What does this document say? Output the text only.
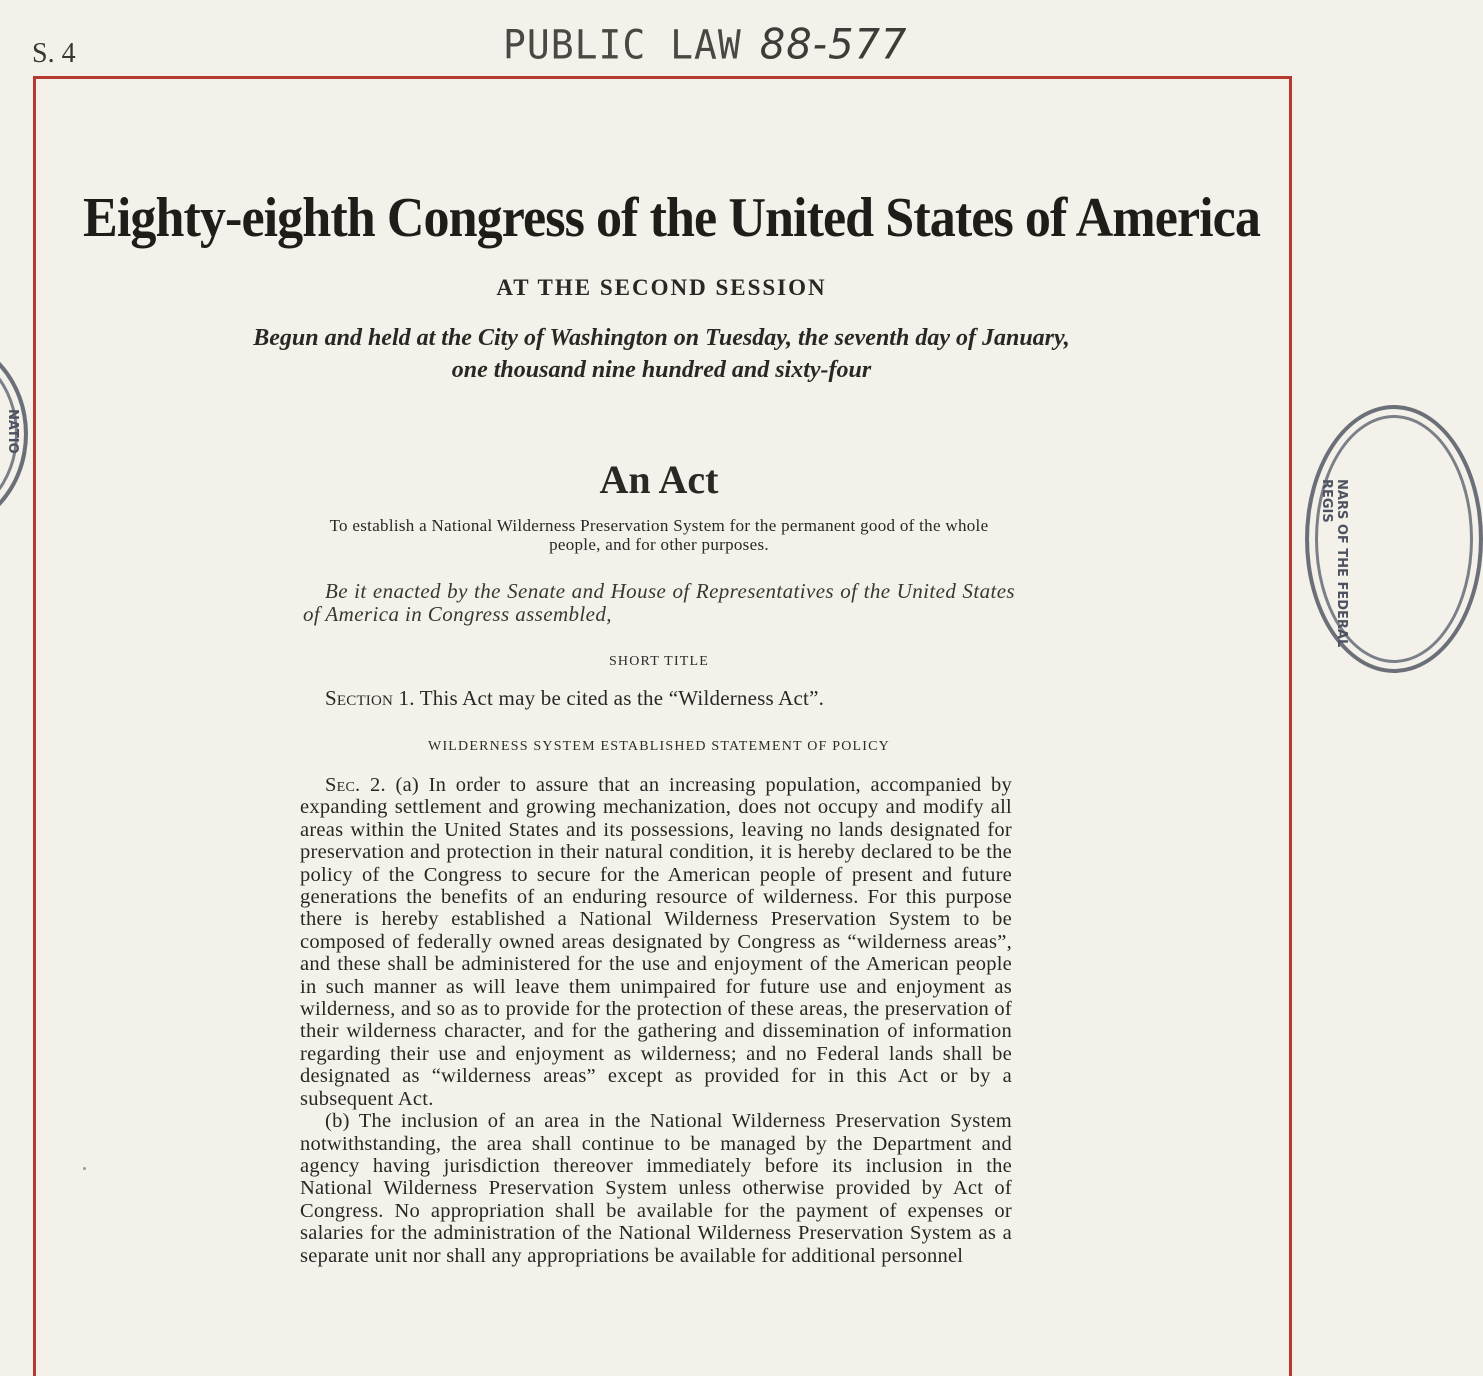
S. 4	PUBLIC LAW 88-577
NATIO
NARS OF THE FEDERAL REGIS
Eighty-eighth Congress of the United States of America
AT THE SECOND SESSION
Begun and held at the City of Washington on Tuesday, the seventh day of January,
one thousand nine hundred and sixty-four
An Act
To establish a National Wilderness Preservation System for the permanent good of the whole people, and for other purposes.
Be it enacted by the Senate and House of Representatives of the United States of America in Congress assembled,
SHORT TITLE
Section 1. This Act may be cited as the “Wilderness Act”.
WILDERNESS SYSTEM ESTABLISHED STATEMENT OF POLICY

Sec. 2. (a) In order to assure that an increasing population, accompanied by expanding settlement and growing mechanization, does not occupy and modify all areas within the United States and its possessions, leaving no lands designated for preservation and protection in their natural condition, it is hereby declared to be the policy of the Congress to secure for the American people of present and future generations the benefits of an enduring resource of wilderness. For this purpose there is hereby established a National Wilderness Preservation System to be composed of federally owned areas designated by Congress as “wilderness areas”, and these shall be administered for the use and enjoyment of the American people in such manner as will leave them unimpaired for future use and enjoyment as wilderness, and so as to provide for the protection of these areas, the preservation of their wilderness character, and for the gathering and dissemination of information regarding their use and enjoyment as wilderness; and no Federal lands shall be designated as “wilderness areas” except as provided for in this Act or by a subsequent Act.

(b) The inclusion of an area in the National Wilderness Preservation System notwithstanding, the area shall continue to be managed by the Department and agency having jurisdiction thereover immediately before its inclusion in the National Wilderness Preservation System unless otherwise provided by Act of Congress. No appropriation shall be available for the payment of expenses or salaries for the administration of the National Wilderness Preservation System as a separate unit nor shall any appropriations be available for additional personnel
